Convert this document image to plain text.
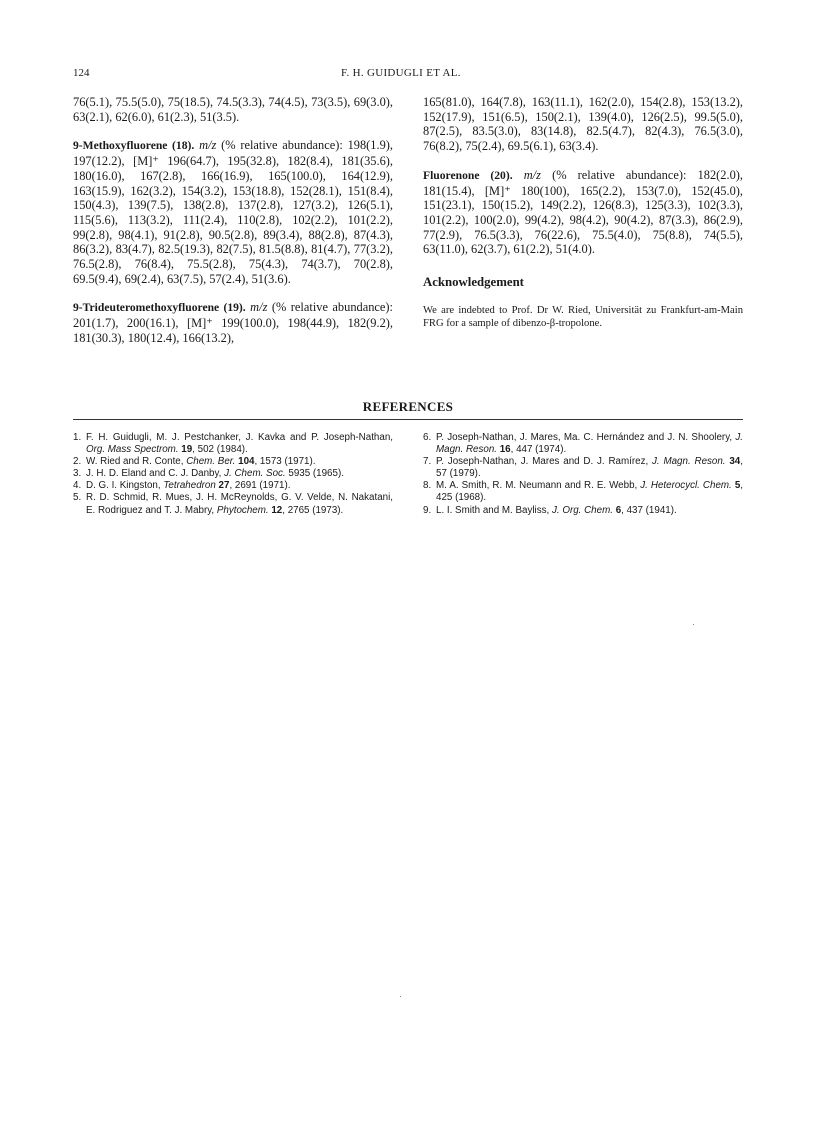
124	F. H. GUIDUGLI ET AL.

76(5.1), 75.5(5.0), 75(18.5), 74.5(3.3), 74(4.5), 73(3.5), 69(3.0), 63(2.1), 62(6.0), 61(2.3), 51(3.5).

9-Methoxyfluorene (18). m/z (% relative abundance): 198(1.9), 197(12.2), [M]⁺ 196(64.7), 195(32.8), 182(8.4), 181(35.6), 180(16.0), 167(2.8), 166(16.9), 165(100.0), 164(12.9), 163(15.9), 162(3.2), 154(3.2), 153(18.8), 152(28.1), 151(8.4), 150(4.3), 139(7.5), 138(2.8), 137(2.8), 127(3.2), 126(5.1), 115(5.6), 113(3.2), 111(2.4), 110(2.8), 102(2.2), 101(2.2), 99(2.8), 98(4.1), 91(2.8), 90.5(2.8), 89(3.4), 88(2.8), 87(4.3), 86(3.2), 83(4.7), 82.5(19.3), 82(7.5), 81.5(8.8), 81(4.7), 77(3.2), 76.5(2.8), 76(8.4), 75.5(2.8), 75(4.3), 74(3.7), 70(2.8), 69.5(9.4), 69(2.4), 63(7.5), 57(2.4), 51(3.6).

9-Trideuteromethoxyfluorene (19). m/z (% relative abundance): 201(1.7), 200(16.1), [M]⁺ 199(100.0), 198(44.9), 182(9.2), 181(30.3), 180(12.4), 166(13.2),

165(81.0), 164(7.8), 163(11.1), 162(2.0), 154(2.8), 153(13.2), 152(17.9), 151(6.5), 150(2.1), 139(4.0), 126(2.5), 99.5(5.0), 87(2.5), 83.5(3.0), 83(14.8), 82.5(4.7), 82(4.3), 76.5(3.0), 76(8.2), 75(2.4), 69.5(6.1), 63(3.4).

Fluorenone (20). m/z (% relative abundance): 182(2.0), 181(15.4), [M]⁺ 180(100), 165(2.2), 153(7.0), 152(45.0), 151(23.1), 150(15.2), 149(2.2), 126(8.3), 125(3.3), 102(3.3), 101(2.2), 100(2.0), 99(4.2), 98(4.2), 90(4.2), 87(3.3), 86(2.9), 77(2.9), 76.5(3.3), 76(22.6), 75.5(4.0), 75(8.8), 74(5.5), 63(11.0), 62(3.7), 61(2.2), 51(4.0).

Acknowledgement
We are indebted to Prof. Dr W. Ried, Universität zu Frankfurt-am-Main FRG for a sample of dibenzo-β-tropolone.
REFERENCES
1. F. H. Guidugli, M. J. Pestchanker, J. Kavka and P. Joseph-Nathan, Org. Mass Spectrom. 19, 502 (1984).
2. W. Ried and R. Conte, Chem. Ber. 104, 1573 (1971).
3. J. H. D. Eland and C. J. Danby, J. Chem. Soc. 5935 (1965).
4. D. G. I. Kingston, Tetrahedron 27, 2691 (1971).
5. R. D. Schmid, R. Mues, J. H. McReynolds, G. V. Velde, N. Nakatani, E. Rodriguez and T. J. Mabry, Phytochem. 12, 2765 (1973).
6. P. Joseph-Nathan, J. Mares, Ma. C. Hernández and J. N. Shoolery, J. Magn. Reson. 16, 447 (1974).
7. P. Joseph-Nathan, J. Mares and D. J. Ramírez, J. Magn. Reson. 34, 57 (1979).
8. M. A. Smith, R. M. Neumann and R. E. Webb, J. Heterocycl. Chem. 5, 425 (1968).
9. L. I. Smith and M. Bayliss, J. Org. Chem. 6, 437 (1941).
